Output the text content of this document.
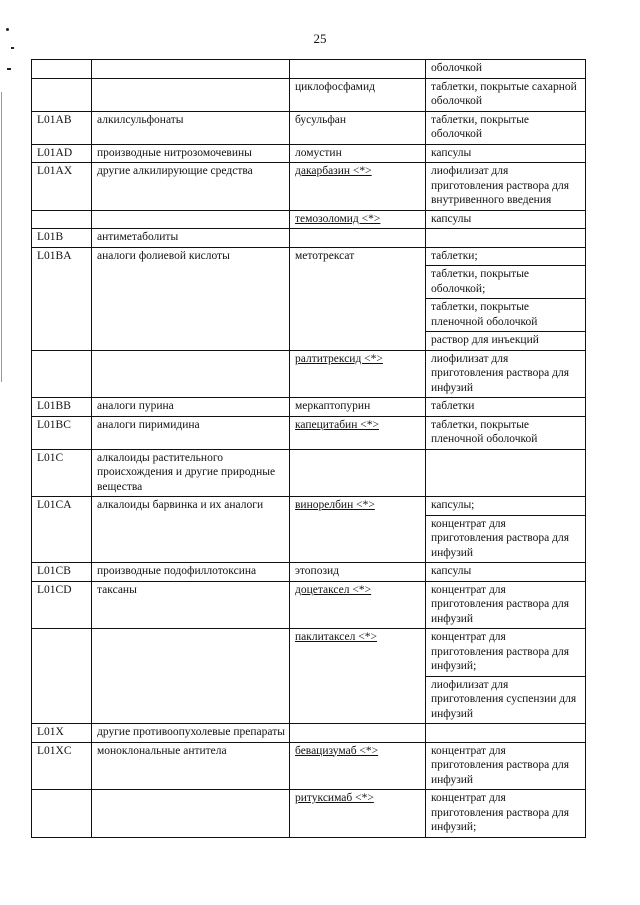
25
			оболочкой
		циклофосфамид	таблетки, покрытые сахарной оболочкой
L01AB	алкилсульфонаты	бусульфан	таблетки, покрытые оболочкой
L01AD	производные нитрозомочевины	ломустин	капсулы
L01AX	другие алкилирующие средства	дакарбазин <*>	лиофилизат для приготовления раствора для внутривенного введения
		темозоломид <*>	капсулы
L01B	антиметаболиты		
L01BA	аналоги фолиевой кислоты	метотрексат	таблетки;
			таблетки, покрытые оболочкой;
			таблетки, покрытые пленочной оболочкой
			раствор для инъекций
		ралтитрексид <*>	лиофилизат для приготовления раствора для инфузий
L01BB	аналоги пурина	меркаптопурин	таблетки
L01BC	аналоги пиримидина	капецитабин <*>	таблетки, покрытые пленочной оболочкой
L01C	алкалоиды растительного происхождения и другие природные вещества		
L01CA	алкалоиды барвинка и их аналоги	винорелбин <*>	капсулы;
			концентрат для приготовления раствора для инфузий
L01CB	производные подофиллотоксина	этопозид	капсулы
L01CD	таксаны	доцетаксел <*>	концентрат для приготовления раствора для инфузий
		паклитаксел <*>	концентрат для приготовления раствора для инфузий;
			лиофилизат для приготовления суспензии для инфузий
L01X	другие противоопухолевые препараты		
L01XC	моноклональные антитела	бевацизумаб <*>	концентрат для приготовления раствора для инфузий
		ритуксимаб <*>	концентрат для приготовления раствора для инфузий;
